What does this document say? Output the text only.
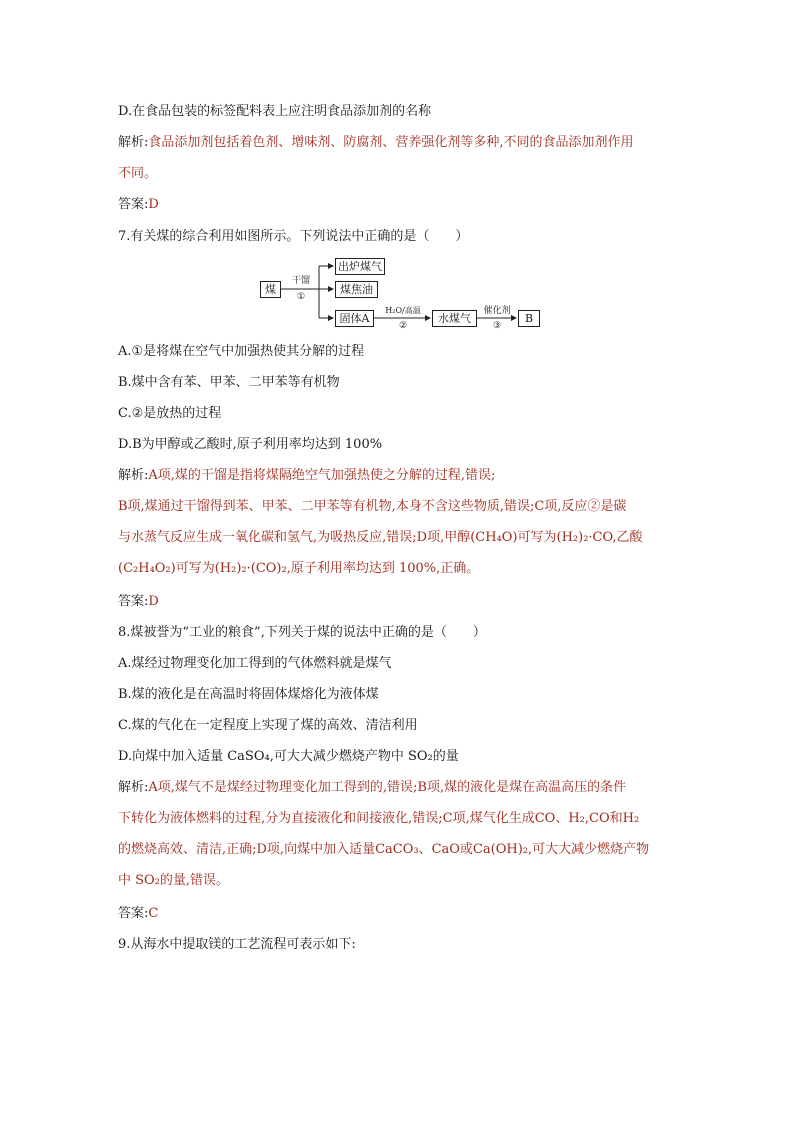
D.在食品包装的标签配料表上应注明食品添加剂的名称
解析:食品添加剂包括着色剂、增味剂、防腐剂、营养强化剂等多种,不同的食品添加剂作用
不同。
答案:D
7.有关煤的综合利用如图所示。下列说法中正确的是（　　）
煤
干馏
①
出炉煤气
煤焦油
固体A
H₂O/高温
②
水煤气
催化剂
③
B
A.①是将煤在空气中加强热使其分解的过程
B.煤中含有苯、甲苯、二甲苯等有机物
C.②是放热的过程
D.B为甲醇或乙酸时,原子利用率均达到 100%
解析:A项,煤的干馏是指将煤隔绝空气加强热使之分解的过程,错误;
B项,煤通过干馏得到苯、甲苯、二甲苯等有机物,本身不含这些物质,错误;C项,反应②是碳
与水蒸气反应生成一氧化碳和氢气,为吸热反应,错误;D项,甲醇(CH₄O)可写为(H₂)₂·CO,乙酸
(C₂H₄O₂)可写为(H₂)₂·(CO)₂,原子利用率均达到 100%,正确。
答案:D
8.煤被誉为“工业的粮食”,下列关于煤的说法中正确的是（　　）
A.煤经过物理变化加工得到的气体燃料就是煤气
B.煤的液化是在高温时将固体煤熔化为液体煤
C.煤的气化在一定程度上实现了煤的高效、清洁利用
D.向煤中加入适量 CaSO₄,可大大减少燃烧产物中 SO₂的量
解析:A项,煤气不是煤经过物理变化加工得到的,错误;B项,煤的液化是煤在高温高压的条件
下转化为液体燃料的过程,分为直接液化和间接液化,错误;C项,煤气化生成CO、H₂,CO和H₂
的燃烧高效、清洁,正确;D项,向煤中加入适量CaCO₃、CaO或Ca(OH)₂,可大大减少燃烧产物
中 SO₂的量,错误。
答案:C
9.从海水中提取镁的工艺流程可表示如下:
